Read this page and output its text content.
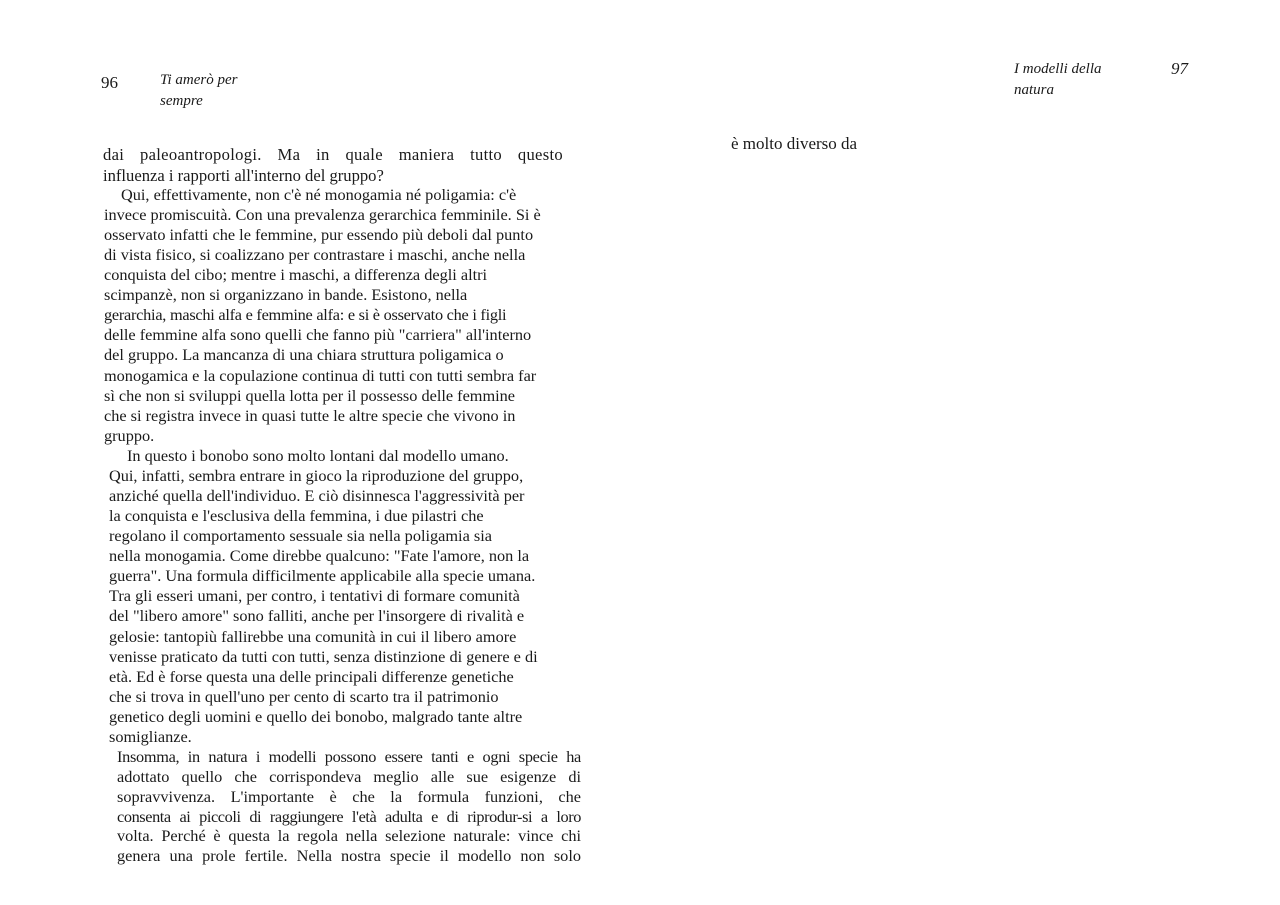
96	Ti amerò per
sempre
I modelli della
natura
97
è molto diverso da
dai paleoantropologi. Ma in quale maniera tutto questo
influenza i rapporti all'interno del gruppo?
Qui, effettivamente, non c'è né monogamia né poligamia: c'è
invece promiscuità. Con una prevalenza gerarchica femminile. Si è
osservato infatti che le femmine, pur essendo più deboli dal punto
di vista fisico, si coalizzano per contrastare i maschi, anche nella
conquista del cibo; mentre i maschi, a differenza degli altri
scimpanzè, non si organizzano in bande. Esistono, nella
gerarchia, maschi alfa e femmine alfa: e si è osservato che i figli
delle femmine alfa sono quelli che fanno più "carriera" all'interno
del gruppo. La mancanza di una chiara struttura poligamica o
monogamica e la copulazione continua di tutti con tutti sembra far
sì che non si sviluppi quella lotta per il possesso delle femmine
che si registra invece in quasi tutte le altre specie che vivono in
gruppo.
In questo i bonobo sono molto lontani dal modello umano.
Qui, infatti, sembra entrare in gioco la riproduzione del gruppo,
anziché quella dell'individuo. E ciò disinnesca l'aggressività per
la conquista e l'esclusiva della femmina, i due pilastri che
regolano il comportamento sessuale sia nella poligamia sia
nella monogamia. Come direbbe qualcuno: "Fate l'amore, non la
guerra". Una formula difficilmente applicabile alla specie umana.
Tra gli esseri umani, per contro, i tentativi di formare comunità
del "libero amore" sono falliti, anche per l'insorgere di rivalità e
gelosie: tantopiù fallirebbe una comunità in cui il libero amore
venisse praticato da tutti con tutti, senza distinzione di genere e di
età. Ed è forse questa una delle principali differenze genetiche
che si trova in quell'uno per cento di scarto tra il patrimonio
genetico degli uomini e quello dei bonobo, malgrado tante altre
somiglianze.
Insomma, in natura i modelli possono essere tanti e ogni specie ha
adottato quello che corrispondeva meglio alle sue esigenze di
sopravvivenza. L'importante è che la formula funzioni, che
consenta ai piccoli di raggiungere l'età adulta e di riprodur-si a loro
volta. Perché è questa la regola nella selezione naturale: vince chi
genera una prole fertile. Nella nostra specie il modello non solo
